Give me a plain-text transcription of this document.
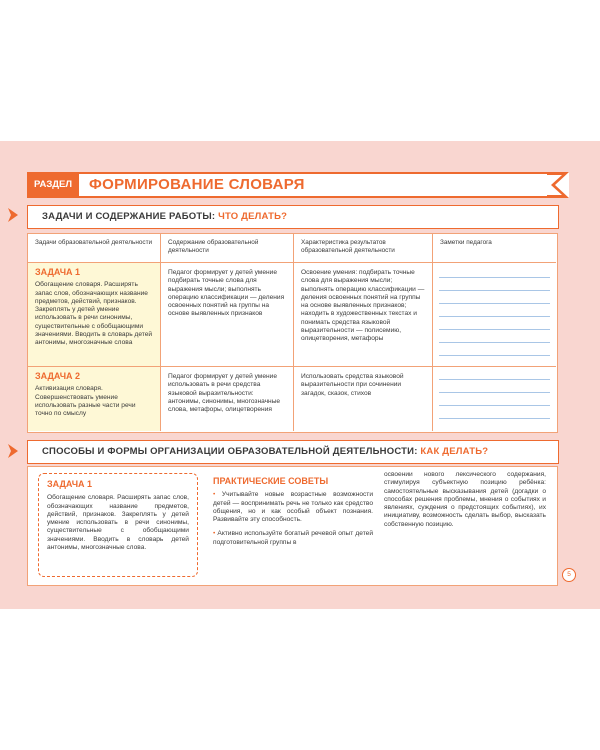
РАЗДЕЛ	ФОРМИРОВАНИЕ СЛОВАРЯ
ЗАДАЧИ И СОДЕРЖАНИЕ РАБОТЫ: ЧТО ДЕЛАТЬ?
Задачи образовательной деятельности	Содержание образовательной деятельности
Характеристика результатов образовательной деятельности
Заметки педагога
ЗАДАЧА 1
Обогащение словаря. Расширять запас слов, обозначающих название предметов, действий, признаков. Закреплять у детей умение использовать в речи синонимы, существительные с обобщающими значениями. Вводить в словарь детей антонимы, многозначные слова
Педагог формирует у детей умение подбирать точные слова для выражения мысли; выполнять операцию классификации — деления освоенных понятий на группы на основе выявленных признаков
Освоение умения: подбирать точные слова для выражения мысли; выполнять операцию классификации — деления освоенных понятий на группы на основе выявленных признаков; находить в художественных текстах и понимать средства языковой выразительности — полисемию, олицетворения, метафоры
ЗАДАЧА 2
Активизация словаря. Совершенствовать умение использовать разные части речи точно по смыслу
Педагог формирует у детей умение использовать в речи средства языковой выразительности: антонимы, синонимы, многозначные слова, метафоры, олицетворения
Использовать средства языковой выразительности при сочинении загадок, сказок, стихов
СПОСОБЫ И ФОРМЫ ОРГАНИЗАЦИИ ОБРАЗОВАТЕЛЬНОЙ ДЕЯТЕЛЬНОСТИ: КАК ДЕЛАТЬ?
ЗАДАЧА 1
Обогащение словаря. Расширять запас слов, обозначающих название предметов, действий, признаков. Закреплять у детей умение использовать в речи синонимы, существительные с обобщающими значениями. Вводить в словарь детей антонимы, многозначные слова.
ПРАКТИЧЕСКИЕ СОВЕТЫ
• Учитывайте новые возрастные возможности детей — воспринимать речь не только как средство общения, но и как особый объект познания. Развивайте эту способность.
• Активно используйте богатый речевой опыт детей подготовительной группы в
освоении нового лексического содержания, стимулируя субъектную позицию ребёнка: самостоятельные высказывания детей (догадки о способах решения проблемы, мнения о событиях и явлениях, суждения о предстоящих событиях), их инициативу, возможность сделать выбор, высказать собственную позицию.
5
